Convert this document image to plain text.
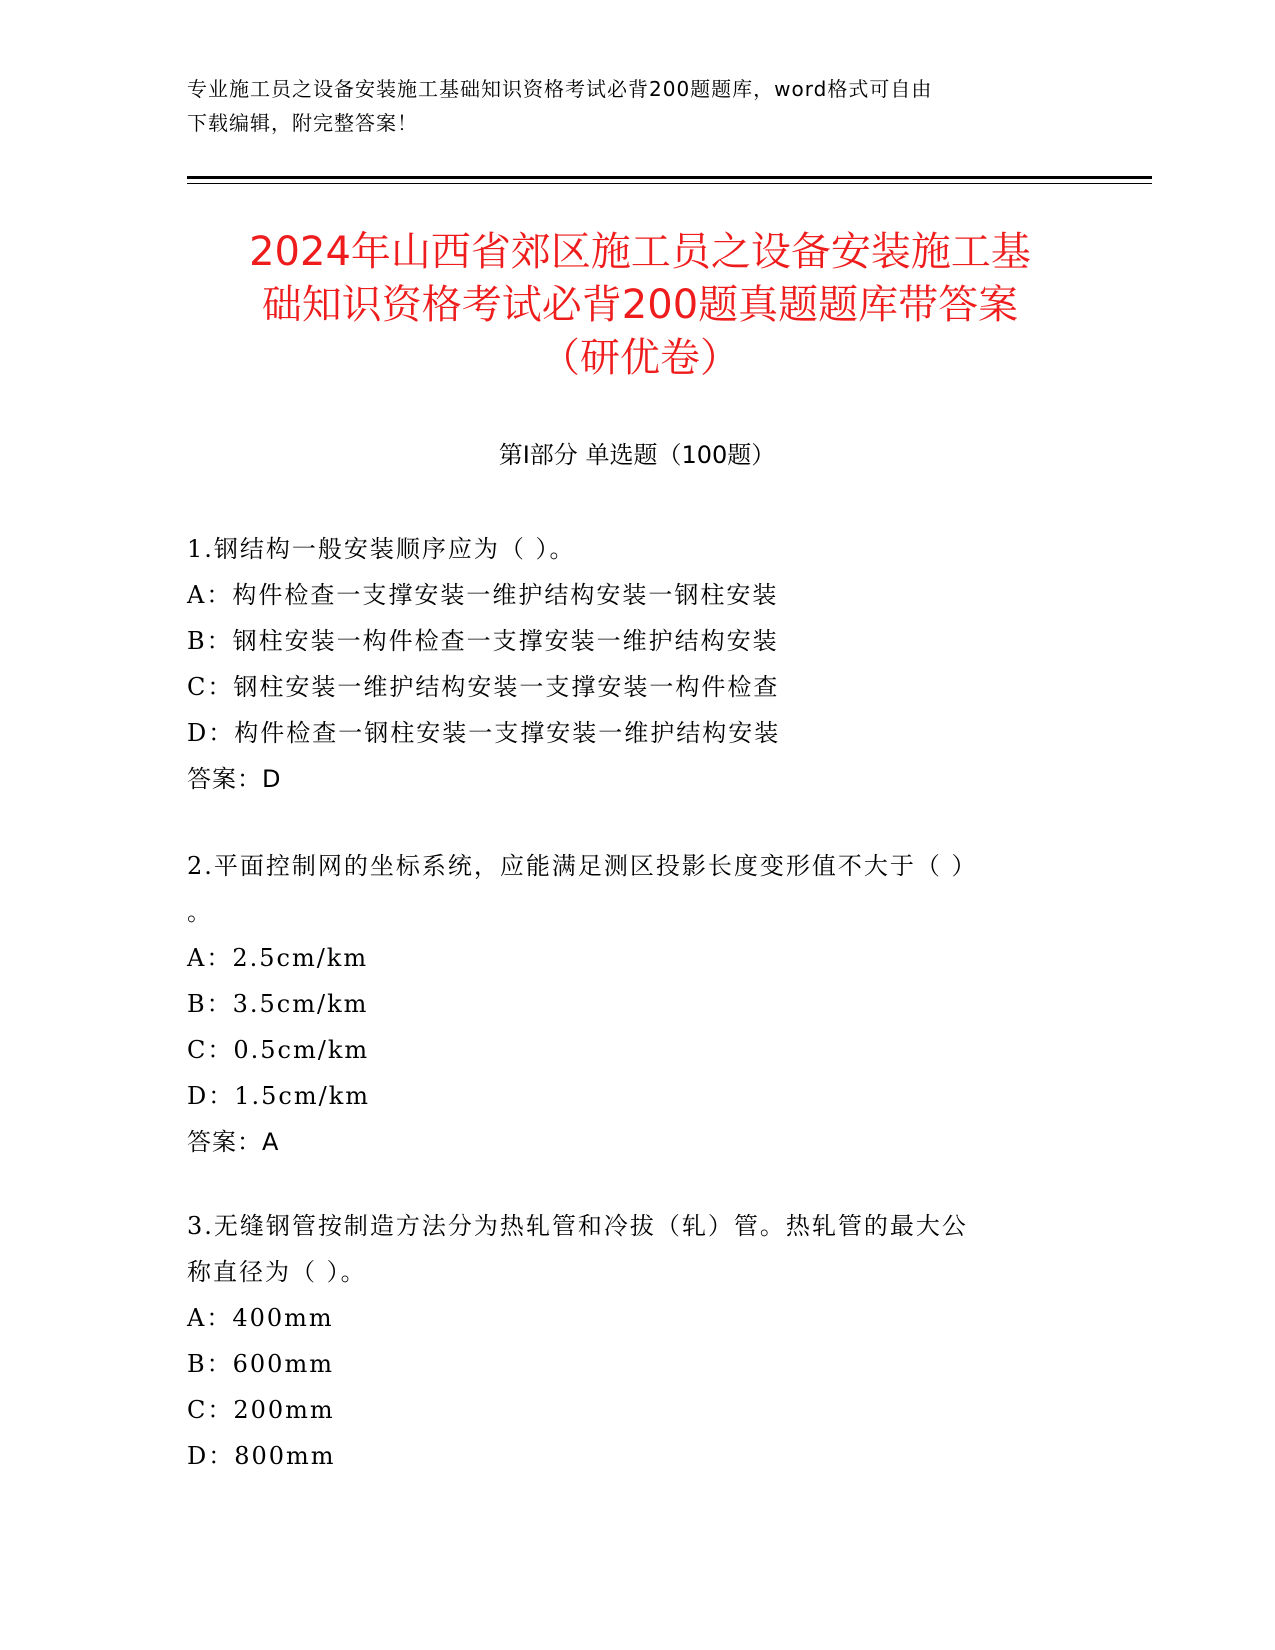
专业施工员之设备安装施工基础知识资格考试必背200题题库，word格式可自由
下载编辑，附完整答案！
2024年山西省郊区施工员之设备安装施工基
础知识资格考试必背200题真题题库带答案
（研优卷）
第Ⅰ部分 单选题（100题）
1.钢结构一般安装顺序应为（ ）。
A：构件检查一支撑安装一维护结构安装一钢柱安装
B：钢柱安装一构件检查一支撑安装一维护结构安装
C：钢柱安装一维护结构安装一支撑安装一构件检查
D：构件检查一钢柱安装一支撑安装一维护结构安装
答案：D
2.平面控制网的坐标系统，应能满足测区投影长度变形值不大于（ ）
。
A：2.5cm/km
B：3.5cm/km
C：0.5cm/km
D：1.5cm/km
答案：A
3.无缝钢管按制造方法分为热轧管和冷拔（轧）管。热轧管的最大公
称直径为（ ）。
A：400mm
B：600mm
C：200mm
D：800mm
